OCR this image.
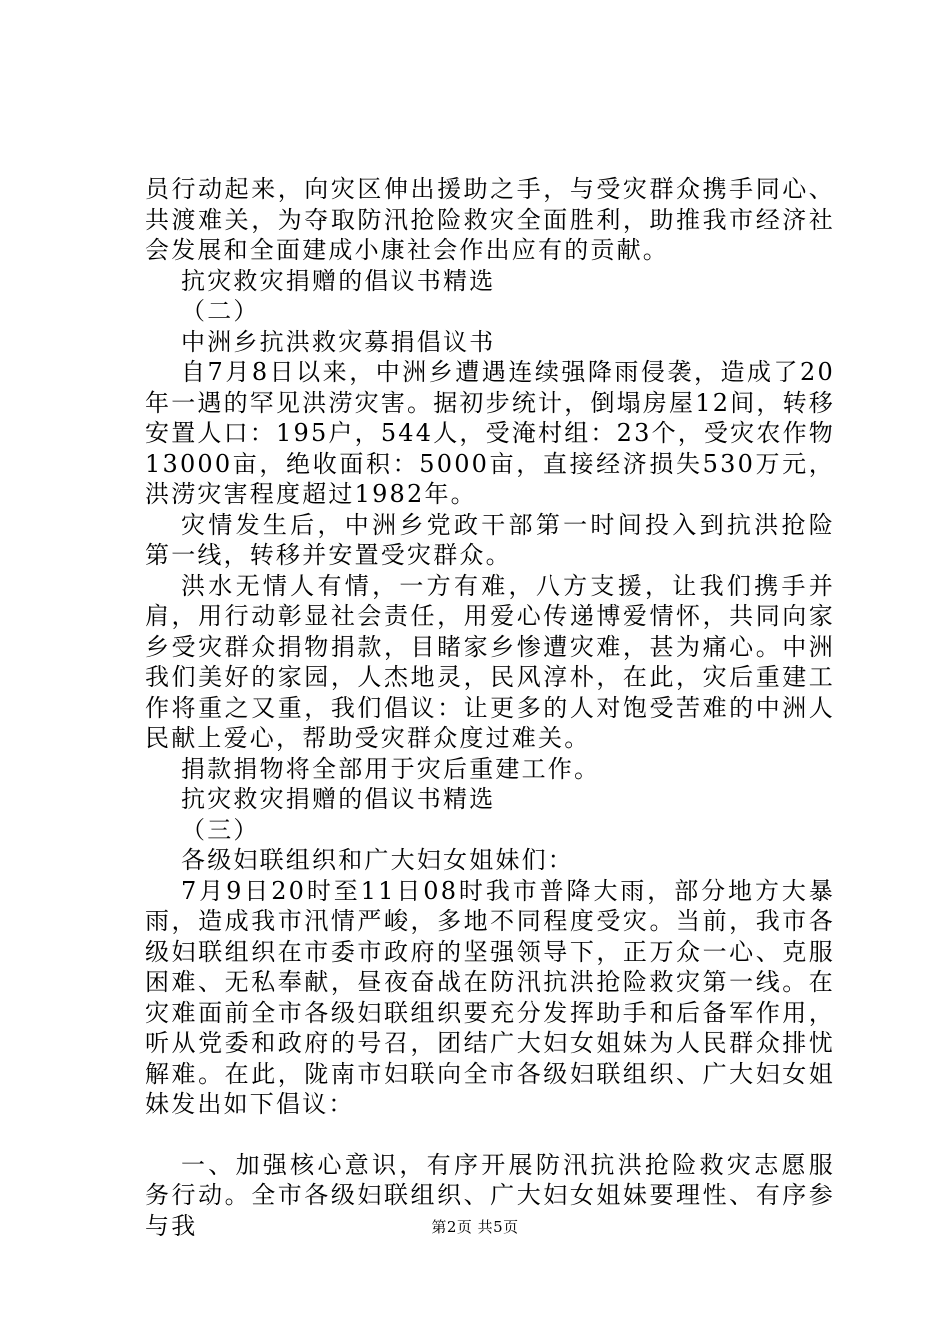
员行动起来，向灾区伸出援助之手，与受灾群众携手同心、共渡难关，为夺取防汛抢险救灾全面胜利，助推我市经济社会发展和全面建成小康社会作出应有的贡献。

抗灾救灾捐赠的倡议书精选

（二）

中洲乡抗洪救灾募捐倡议书

自7月8日以来，中洲乡遭遇连续强降雨侵袭，造成了20年一遇的罕见洪涝灾害。据初步统计，倒塌房屋12间，转移安置人口：195户，544人，受淹村组：23个，受灾农作物13000亩，绝收面积：5000亩，直接经济损失530万元，洪涝灾害程度超过1982年。

灾情发生后，中洲乡党政干部第一时间投入到抗洪抢险第一线，转移并安置受灾群众。

洪水无情人有情，一方有难，八方支援，让我们携手并肩，用行动彰显社会责任，用爱心传递博爱情怀，共同向家乡受灾群众捐物捐款，目睹家乡惨遭灾难，甚为痛心。中洲我们美好的家园，人杰地灵，民风淳朴，在此，灾后重建工作将重之又重，我们倡议：让更多的人对饱受苦难的中洲人民献上爱心，帮助受灾群众度过难关。

捐款捐物将全部用于灾后重建工作。

抗灾救灾捐赠的倡议书精选

（三）

各级妇联组织和广大妇女姐妹们：

7月9日20时至11日08时我市普降大雨，部分地方大暴雨，造成我市汛情严峻，多地不同程度受灾。当前，我市各级妇联组织在市委市政府的坚强领导下，正万众一心、克服困难、无私奉献，昼夜奋战在防汛抗洪抢险救灾第一线。在灾难面前全市各级妇联组织要充分发挥助手和后备军作用，听从党委和政府的号召，团结广大妇女姐妹为人民群众排忧解难。在此，陇南市妇联向全市各级妇联组织、广大妇女姐妹发出如下倡议：

一、加强核心意识，有序开展防汛抗洪抢险救灾志愿服务行动。全市各级妇联组织、广大妇女姐妹要理性、有序参与我	第2页 共5页
